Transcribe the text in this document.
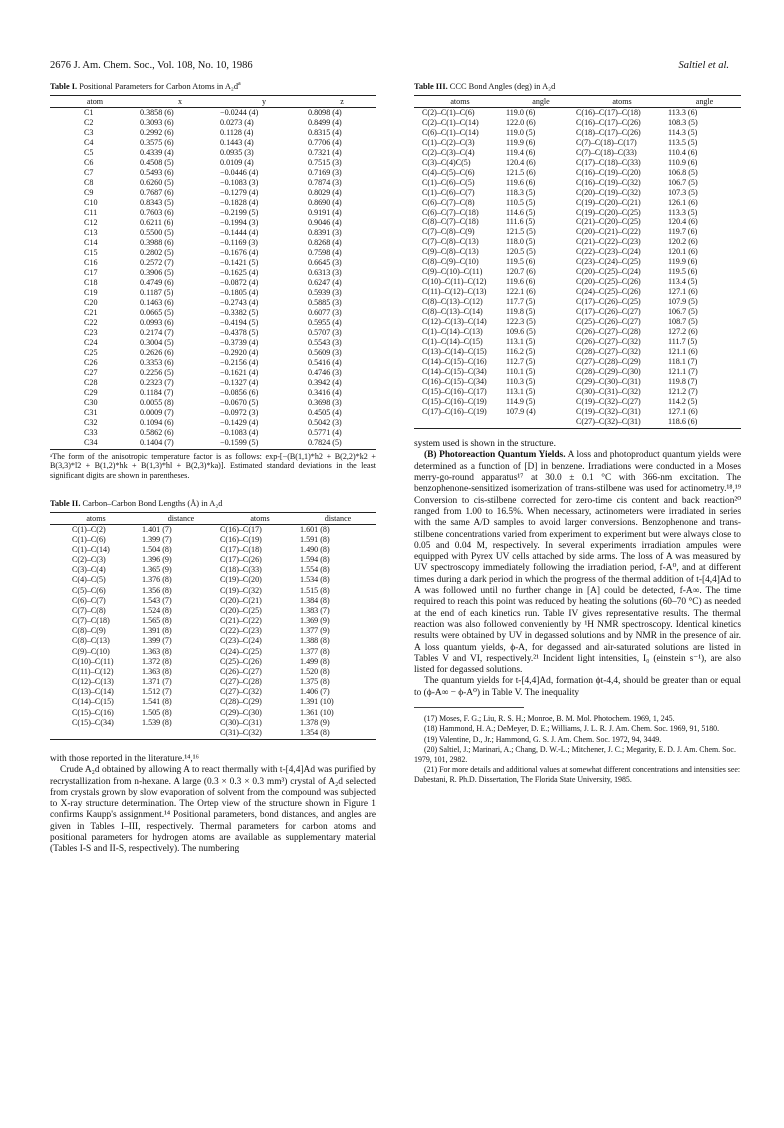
2676 J. Am. Chem. Soc., Vol. 108, No. 10, 1986	Saltiel et al.

Table I. Positional Parameters for Carbon Atoms in $A_2d^a$

atom	x	y	z
C1	0.3858 (6)	−0.0244 (4)	0.8098 (4)
C2	0.3093 (6)	0.0273 (4)	0.8499 (4)
C3	0.2992 (6)	0.1128 (4)	0.8315 (4)
C4	0.3575 (6)	0.1443 (4)	0.7706 (4)
C5	0.4339 (4)	0.0935 (3)	0.7321 (4)
C6	0.4508 (5)	0.0109 (4)	0.7515 (3)
C7	0.5493 (6)	−0.0446 (4)	0.7169 (3)
C8	0.6260 (5)	−0.1083 (3)	0.7874 (3)
C9	0.7687 (6)	−0.1279 (4)	0.8029 (4)
C10	0.8343 (5)	−0.1828 (4)	0.8690 (4)
C11	0.7603 (6)	−0.2199 (5)	0.9191 (4)
C12	0.6211 (6)	−0.1994 (3)	0.9046 (4)
C13	0.5500 (5)	−0.1444 (4)	0.8391 (3)
C14	0.3988 (6)	−0.1169 (3)	0.8268 (4)
C15	0.2802 (5)	−0.1676 (4)	0.7598 (4)
C16	0.2572 (7)	−0.1421 (5)	0.6645 (3)
C17	0.3906 (5)	−0.1625 (4)	0.6313 (3)
C18	0.4749 (6)	−0.0872 (4)	0.6247 (4)
C19	0.1187 (5)	−0.1805 (4)	0.5939 (3)
C20	0.1463 (6)	−0.2743 (4)	0.5885 (3)
C21	0.0665 (5)	−0.3382 (5)	0.6077 (3)
C22	0.0993 (6)	−0.4194 (5)	0.5955 (4)
C23	0.2174 (7)	−0.4378 (5)	0.5707 (3)
C24	0.3004 (5)	−0.3739 (4)	0.5543 (3)
C25	0.2626 (6)	−0.2920 (4)	0.5609 (3)
C26	0.3353 (6)	−0.2156 (4)	0.5416 (4)
C27	0.2256 (5)	−0.1621 (4)	0.4746 (3)
C28	0.2323 (7)	−0.1327 (4)	0.3942 (4)
C29	0.1184 (7)	−0.0856 (6)	0.3416 (4)
C30	0.0055 (8)	−0.0670 (5)	0.3698 (3)
C31	0.0009 (7)	−0.0972 (3)	0.4505 (4)
C32	0.1094 (6)	−0.1429 (4)	0.5042 (3)
C33	0.5862 (6)	−0.1083 (4)	0.5771 (4)
C34	0.1404 (7)	−0.1599 (5)	0.7824 (5)
ᵃThe form of the anisotropic temperature factor is as follows: exp-[−(B(1,1)*h2 + B(2,2)*k2 + B(3,3)*l2 + B(1,2)*hk + B(1,3)*hl + B(2,3)*ka)]. Estimated standard deviations in the least significant digits are shown in parentheses.

Table II. Carbon–Carbon Bond Lengths (Å) in A₂d

atoms	distance	atoms	distance
C(1)–C(2)	1.401 (7)	C(16)–C(17)	1.601 (8)
C(1)–C(6)	1.399 (7)	C(16)–C(19)	1.591 (8)
C(1)–C(14)	1.504 (8)	C(17)–C(18)	1.490 (8)
C(2)–C(3)	1.396 (9)	C(17)–C(26)	1.594 (8)
C(3)–C(4)	1.365 (9)	C(18)–C(33)	1.554 (8)
C(4)–C(5)	1.376 (8)	C(19)–C(20)	1.534 (8)
C(5)–C(6)	1.356 (8)	C(19)–C(32)	1.515 (8)
C(6)–C(7)	1.543 (7)	C(20)–C(21)	1.384 (8)
C(7)–C(8)	1.524 (8)	C(20)–C(25)	1.383 (7)
C(7)–C(18)	1.565 (8)	C(21)–C(22)	1.369 (9)
C(8)–C(9)	1.391 (8)	C(22)–C(23)	1.377 (9)
C(8)–C(13)	1.399 (7)	C(23)–C(24)	1.388 (8)
C(9)–C(10)	1.363 (8)	C(24)–C(25)	1.377 (8)
C(10)–C(11)	1.372 (8)	C(25)–C(26)	1.499 (8)
C(11)–C(12)	1.363 (8)	C(26)–C(27)	1.520 (8)
C(12)–C(13)	1.371 (7)	C(27)–C(28)	1.375 (8)
C(13)–C(14)	1.512 (7)	C(27)–C(32)	1.406 (7)
C(14)–C(15)	1.541 (8)	C(28)–C(29)	1.391 (10)
C(15)–C(16)	1.505 (8)	C(29)–C(30)	1.361 (10)
C(15)–C(34)	1.539 (8)	C(30)–C(31)	1.378 (9)
		C(31)–C(32)	1.354 (8)

with those reported in the literature.¹⁴,¹⁶

Crude A₂d obtained by allowing A to react thermally with t-[4,4]Ad was purified by recrystallization from n-hexane. A large (0.3 × 0.3 × 0.3 mm³) crystal of A₂d selected from crystals grown by slow evaporation of solvent from the compound was subjected to X-ray structure determination. The Ortep view of the structure shown in Figure 1 confirms Kaupp's assignment.¹⁴ Positional parameters, bond distances, and angles are given in Tables I–III, respectively. Thermal parameters for carbon atoms and positional parameters for hydrogen atoms are available as supplementary material (Tables I-S and II-S, respectively). The numbering

Table III. CCC Bond Angles (deg) in A₂d

atoms	angle	atoms	angle
C(2)–C(1)–C(6)	119.0 (6)	C(16)–C(17)–C(18)	113.3 (6)
C(2)–C(1)–C(14)	122.0 (6)	C(16)–C(17)–C(26)	108.3 (5)
C(6)–C(1)–C(14)	119.0 (5)	C(18)–C(17)–C(26)	114.3 (5)
C(1)–C(2)–C(3)	119.9 (6)	C(7)–C(18)–C(17)	113.5 (5)
C(2)–C(3)–C(4)	119.4 (6)	C(7)–C(18)–C(33)	110.4 (6)
C(3)–C(4)C(5)	120.4 (6)	C(17)–C(18)–C(33)	110.9 (6)
C(4)–C(5)–C(6)	121.5 (6)	C(16)–C(19)–C(20)	106.8 (5)
C(1)–C(6)–C(5)	119.6 (6)	C(16)–C(19)–C(32)	106.7 (5)
C(1)–C(6)–C(7)	118.3 (5)	C(20)–C(19)–C(32)	107.3 (5)
C(6)–C(7)–C(8)	110.5 (5)	C(19)–C(20)–C(21)	126.1 (6)
C(6)–C(7)–C(18)	114.6 (5)	C(19)–C(20)–C(25)	113.3 (5)
C(8)–C(7)–C(18)	111.6 (5)	C(21)–C(20)–C(25)	120.4 (6)
C(7)–C(8)–C(9)	121.5 (5)	C(20)–C(21)–C(22)	119.7 (6)
C(7)–C(8)–C(13)	118.0 (5)	C(21)–C(22)–C(23)	120.2 (6)
C(9)–C(8)–C(13)	120.5 (5)	C(22)–C(23)–C(24)	120.1 (6)
C(8)–C(9)–C(10)	119.5 (6)	C(23)–C(24)–C(25)	119.9 (6)
C(9)–C(10)–C(11)	120.7 (6)	C(20)–C(25)–C(24)	119.5 (6)
C(10)–C(11)–C(12)	119.6 (6)	C(20)–C(25)–C(26)	113.4 (5)
C(11)–C(12)–C(13)	122.1 (6)	C(24)–C(25)–C(26)	127.1 (6)
C(8)–C(13)–C(12)	117.7 (5)	C(17)–C(26)–C(25)	107.9 (5)
C(8)–C(13)–C(14)	119.8 (5)	C(17)–C(26)–C(27)	106.7 (5)
C(12)–C(13)–C(14)	122.3 (5)	C(25)–C(26)–C(27)	108.7 (5)
C(1)–C(14)–C(13)	109.6 (5)	C(26)–C(27)–C(28)	127.2 (6)
C(1)–C(14)–C(15)	113.1 (5)	C(26)–C(27)–C(32)	111.7 (5)
C(13)–C(14)–C(15)	116.2 (5)	C(28)–C(27)–C(32)	121.1 (6)
C(14)–C(15)–C(16)	112.7 (5)	C(27)–C(28)–C(29)	118.1 (7)
C(14)–C(15)–C(34)	110.1 (5)	C(28)–C(29)–C(30)	121.1 (7)
C(16)–C(15)–C(34)	110.3 (5)	C(29)–C(30)–C(31)	119.8 (7)
C(15)–C(16)–C(17)	113.1 (5)	C(30)–C(31)–C(32)	121.2 (7)
C(15)–C(16)–C(19)	114.9 (5)	C(19)–C(32)–C(27)	114.2 (5)
C(17)–C(16)–C(19)	107.9 (4)	C(19)–C(32)–C(31)	127.1 (6)
		C(27)–C(32)–C(31)	118.6 (6)

system used is shown in the structure.

(B) Photoreaction Quantum Yields. A loss and photoproduct quantum yields were determined as a function of [D] in benzene. Irradiations were conducted in a Moses merry-go-round apparatus¹⁷ at 30.0 ± 0.1 °C with 366-nm excitation. The benzophenone-sensitized isomerization of trans-stilbene was used for actinometry.¹⁸,¹⁹ Conversion to cis-stilbene corrected for zero-time cis content and back reaction²⁰ ranged from 1.00 to 16.5%. When necessary, actinometers were irradiated in series with the same A/D samples to avoid larger conversions. Benzophenone and trans-stilbene concentrations varied from experiment to experiment but were always close to 0.05 and 0.04 M, respectively. In several experiments irradiation ampules were equipped with Pyrex UV cells attached by side arms. The loss of A was measured by UV spectroscopy immediately following the irradiation period, f-A⁰, and at different times during a dark period in which the progress of the thermal addition of t-[4,4]Ad to A was followed until no further change in [A] could be detected, f-A∞. The time required to reach this point was reduced by heating the solutions (60–70 °C) as needed at the end of each kinetics run. Table IV gives representative results. The thermal reaction was also followed conveniently by ¹H NMR spectroscopy. Identical kinetics results were obtained by UV in degassed solutions and by NMR in the presence of air. A loss quantum yields, ϕ-A, for degassed and air-saturated solutions are listed in Tables V and VI, respectively.²¹ Incident light intensities, I₀ (einstein s⁻¹), are also listed for degassed solutions.

The quantum yields for t-[4,4]Ad, formation ϕt-4,4, should be greater than or equal to (ϕ-A∞ − ϕ-A⁰) in Table V. The inequality

(17) Moses, F. G.; Liu, R. S. H.; Monroe, B. M. Mol. Photochem. 1969, 1, 245.

(18) Hammond, H. A.; DeMeyer, D. E.; Williams, J. L. R. J. Am. Chem. Soc. 1969, 91, 5180.

(19) Valentine, D., Jr.; Hammond, G. S. J. Am. Chem. Soc. 1972, 94, 3449.

(20) Saltiel, J.; Marinari, A.; Chang, D. W.-L.; Mitchener, J. C.; Megarity, E. D. J. Am. Chem. Soc. 1979, 101, 2982.

(21) For more details and additional values at somewhat different concentrations and intensities see: Dabestani, R. Ph.D. Dissertation, The Florida State University, 1985.
